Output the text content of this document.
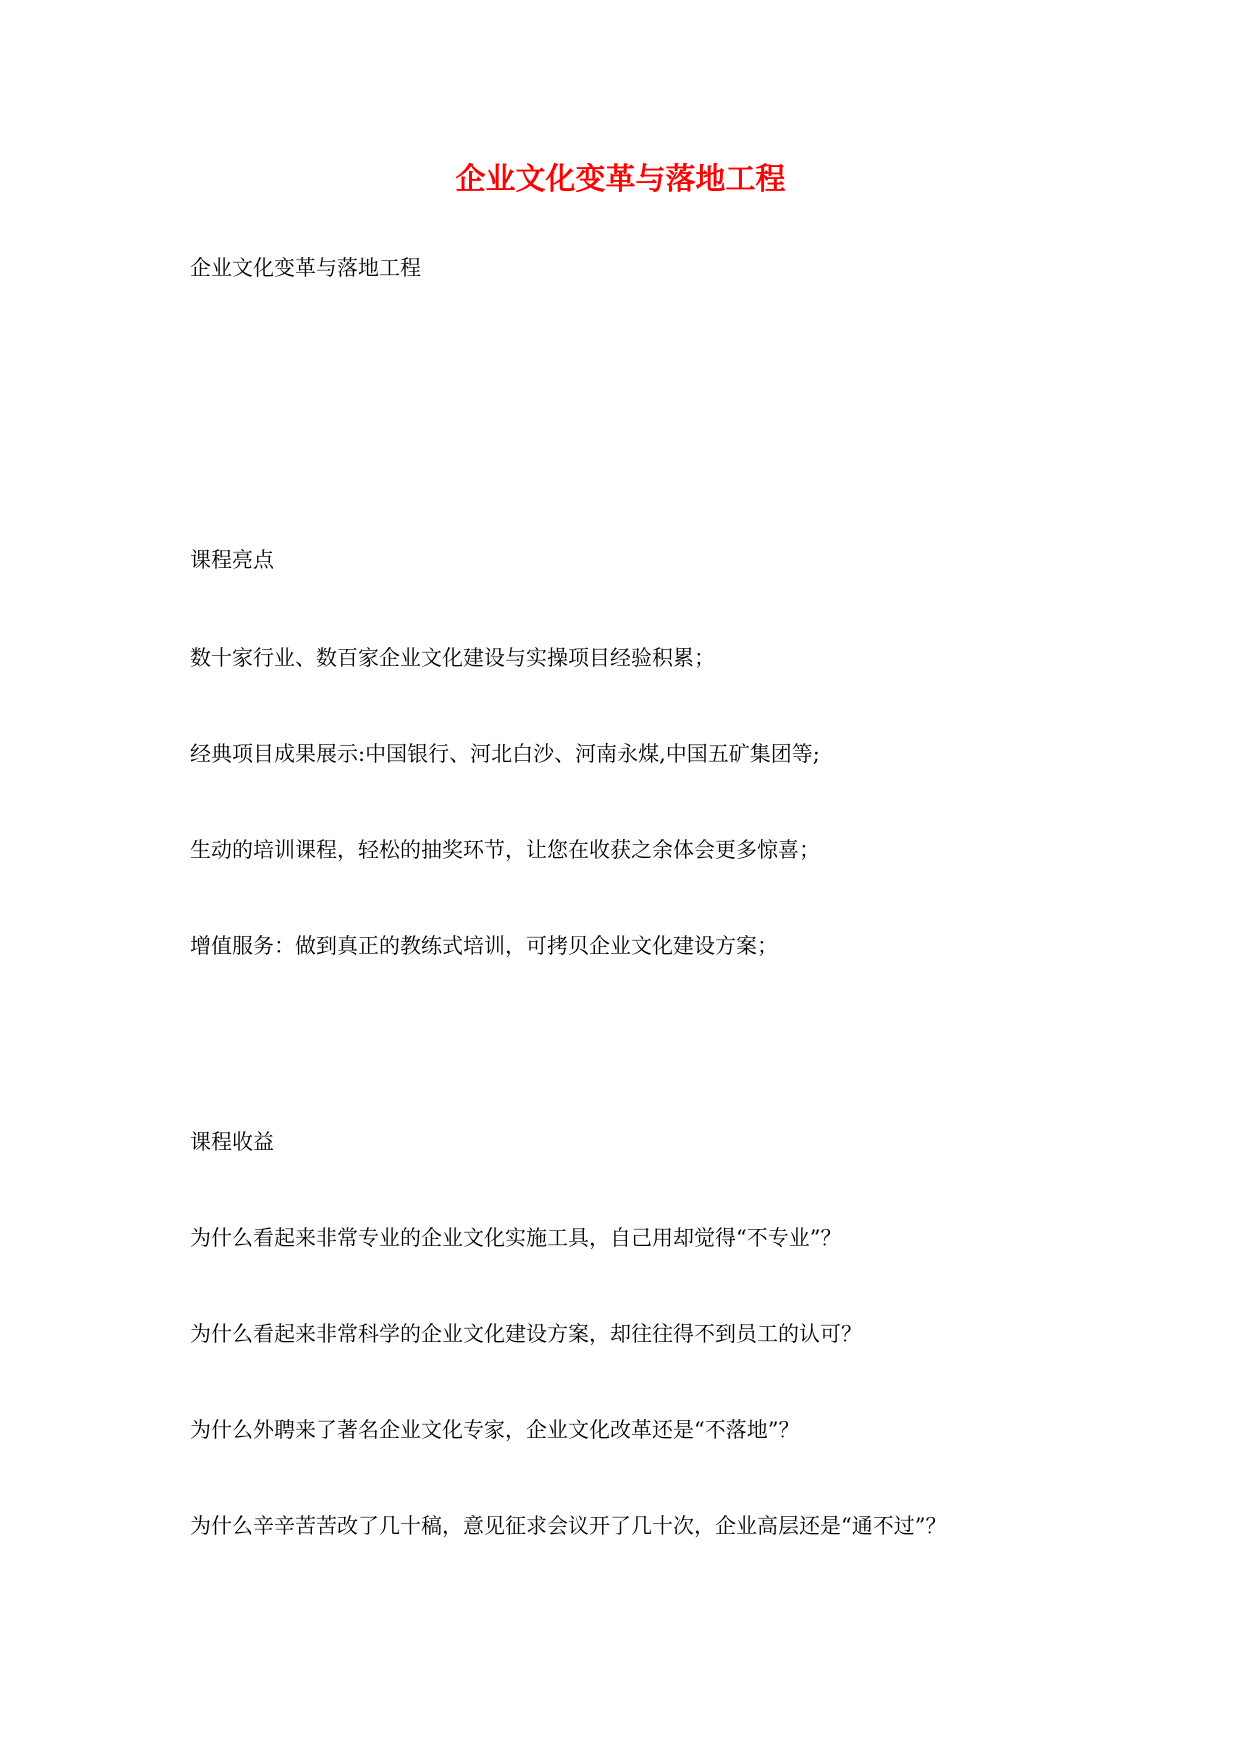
企业文化变革与落地工程
企业文化变革与落地工程
课程亮点
数十家行业、数百家企业文化建设与实操项目经验积累；
经典项目成果展示:中国银行、河北白沙、河南永煤,中国五矿集团等;
生动的培训课程，轻松的抽奖环节，让您在收获之余体会更多惊喜；
增值服务：做到真正的教练式培训，可拷贝企业文化建设方案；
课程收益
为什么看起来非常专业的企业文化实施工具，自己用却觉得“不专业”？
为什么看起来非常科学的企业文化建设方案，却往往得不到员工的认可？
为什么外聘来了著名企业文化专家，企业文化改革还是“不落地”？
为什么辛辛苦苦改了几十稿，意见征求会议开了几十次，企业高层还是“通不过”？
